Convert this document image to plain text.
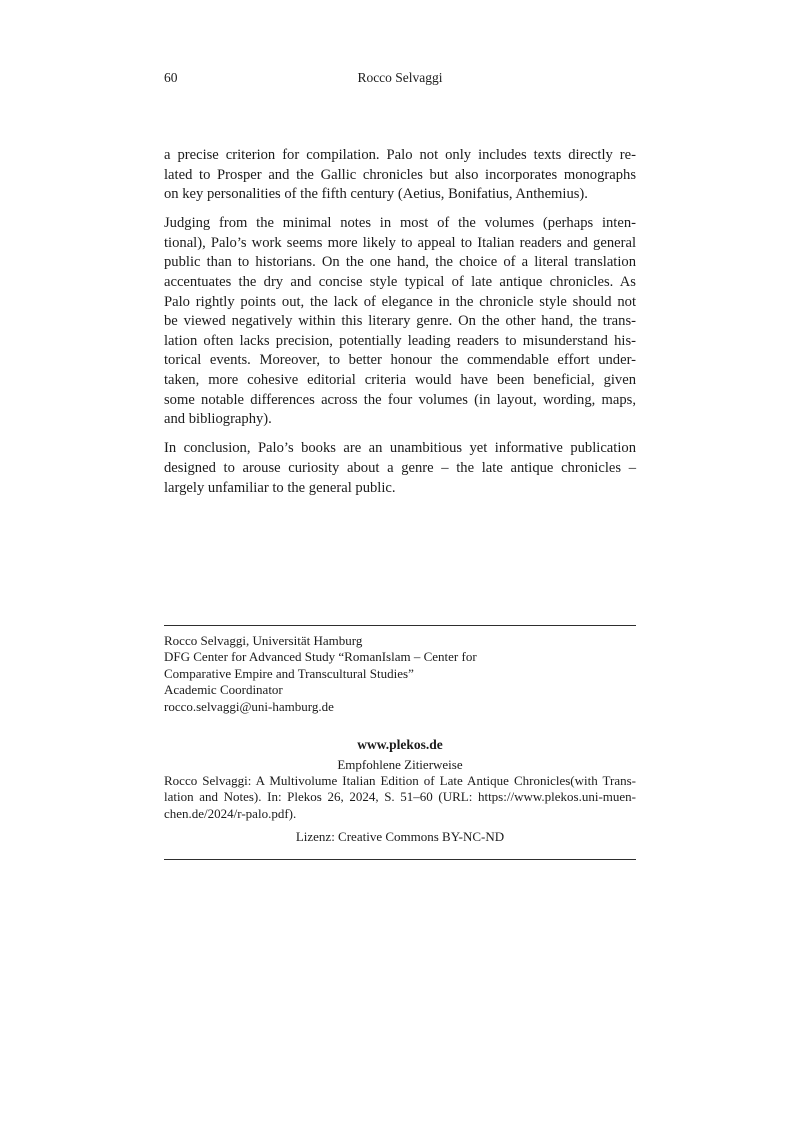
60	Rocco Selvaggi
a precise criterion for compilation. Palo not only includes texts directly re-
lated to Prosper and the Gallic chronicles but also incorporates monographs
on key personalities of the fifth century (Aetius, Bonifatius, Anthemius).
Judging from the minimal notes in most of the volumes (perhaps inten-
tional), Palo’s work seems more likely to appeal to Italian readers and general
public than to historians. On the one hand, the choice of a literal translation
accentuates the dry and concise style typical of late antique chronicles. As
Palo rightly points out, the lack of elegance in the chronicle style should not
be viewed negatively within this literary genre. On the other hand, the trans-
lation often lacks precision, potentially leading readers to misunderstand his-
torical events. Moreover, to better honour the commendable effort under-
taken, more cohesive editorial criteria would have been beneficial, given
some notable differences across the four volumes (in layout, wording, maps,
and bibliography).
In conclusion, Palo’s books are an unambitious yet informative publication
designed to arouse curiosity about a genre – the late antique chronicles –
largely unfamiliar to the general public.
Rocco Selvaggi, Universität Hamburg
DFG Center for Advanced Study “RomanIslam – Center for
Comparative Empire and Transcultural Studies”
Academic Coordinator
rocco.selvaggi@uni-hamburg.de
www.plekos.de
Empfohlene Zitierweise
Rocco Selvaggi: A Multivolume Italian Edition of Late Antique Chronicles(with Trans-
lation and Notes). In: Plekos 26, 2024, S. 51–60 (URL: https://www.plekos.uni-muen-
chen.de/2024/r-palo.pdf).
Lizenz: Creative Commons BY-NC-ND
